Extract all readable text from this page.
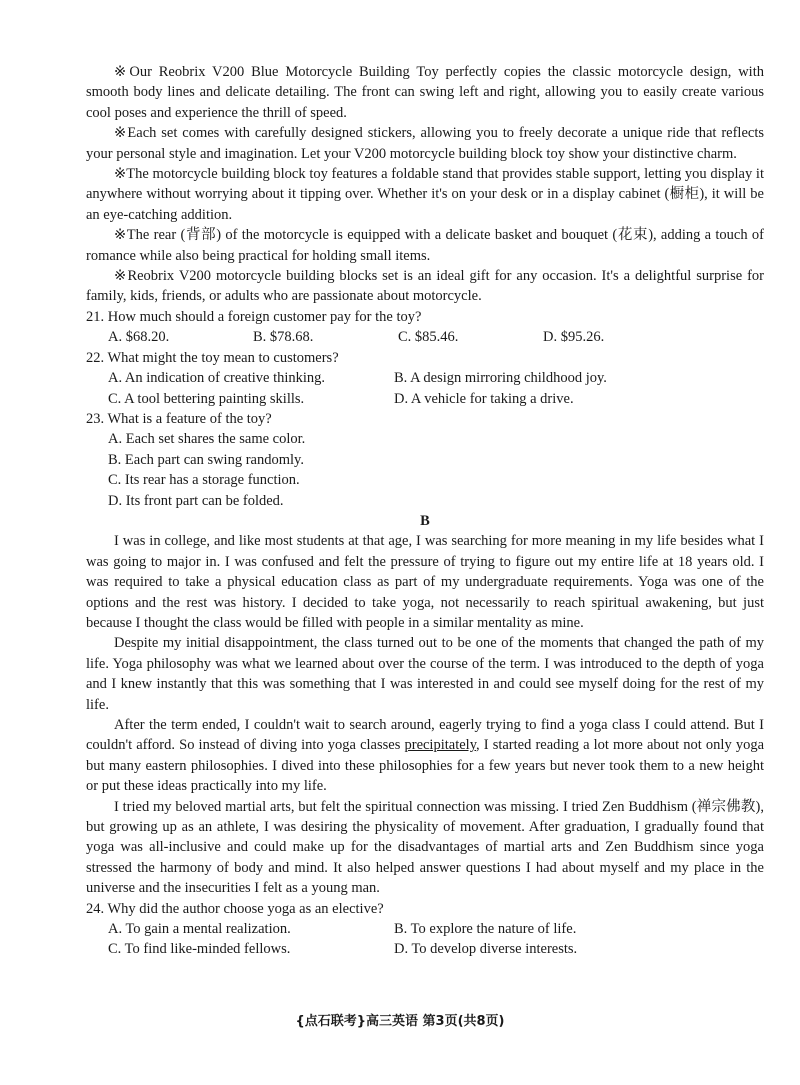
※Our Reobrix V200 Blue Motorcycle Building Toy perfectly copies the classic motorcycle design, with smooth body lines and delicate detailing. The front can swing left and right, allowing you to easily create various cool poses and experience the thrill of speed.

※Each set comes with carefully designed stickers, allowing you to freely decorate a unique ride that reflects your personal style and imagination. Let your V200 motorcycle building block toy show your distinctive charm.

※The motorcycle building block toy features a foldable stand that provides stable support, letting you display it anywhere without worrying about it tipping over. Whether it's on your desk or in a display cabinet (橱柜), it will be an eye-catching addition.

※The rear (背部) of the motorcycle is equipped with a delicate basket and bouquet (花束), adding a touch of romance while also being practical for holding small items.

※Reobrix V200 motorcycle building blocks set is an ideal gift for any occasion. It's a delightful surprise for family, kids, friends, or adults who are passionate about motorcycle.

21. How much should a foreign customer pay for the toy?

A. $68.20.	B. $78.68.	C. $85.46.	D. $95.26.

22. What might the toy mean to customers?

A. An indication of creative thinking.	B. A design mirroring childhood joy.
C. A tool bettering painting skills.	D. A vehicle for taking a drive.

23. What is a feature of the toy?

A. Each set shares the same color.
B. Each part can swing randomly.
C. Its rear has a storage function.
D. Its front part can be folded.

B

I was in college, and like most students at that age, I was searching for more meaning in my life besides what I was going to major in. I was confused and felt the pressure of trying to figure out my entire life at 18 years old. I was required to take a physical education class as part of my undergraduate requirements. Yoga was one of the options and the rest was history. I decided to take yoga, not necessarily to reach spiritual awakening, but just because I thought the class would be filled with people in a similar mentality as mine.

Despite my initial disappointment, the class turned out to be one of the moments that changed the path of my life. Yoga philosophy was what we learned about over the course of the term. I was introduced to the depth of yoga and I knew instantly that this was something that I was interested in and could see myself doing for the rest of my life.

After the term ended, I couldn't wait to search around, eagerly trying to find a yoga class I could attend. But I couldn't afford. So instead of diving into yoga classes precipitately, I started reading a lot more about not only yoga but many eastern philosophies. I dived into these philosophies for a few years but never took them to a new height or put these ideas practically into my life.

I tried my beloved martial arts, but felt the spiritual connection was missing. I tried Zen Buddhism (禅宗佛教), but growing up as an athlete, I was desiring the physicality of movement. After graduation, I gradually found that yoga was all-inclusive and could make up for the disadvantages of martial arts and Zen Buddhism since yoga stressed the harmony of body and mind. It also helped answer questions I had about myself and my place in the universe and the insecurities I felt as a young man.

24. Why did the author choose yoga as an elective?

A. To gain a mental realization.	B. To explore the nature of life.
C. To find like-minded fellows.	D. To develop diverse interests.
{点石联考}高三英语 第3页(共8页)
